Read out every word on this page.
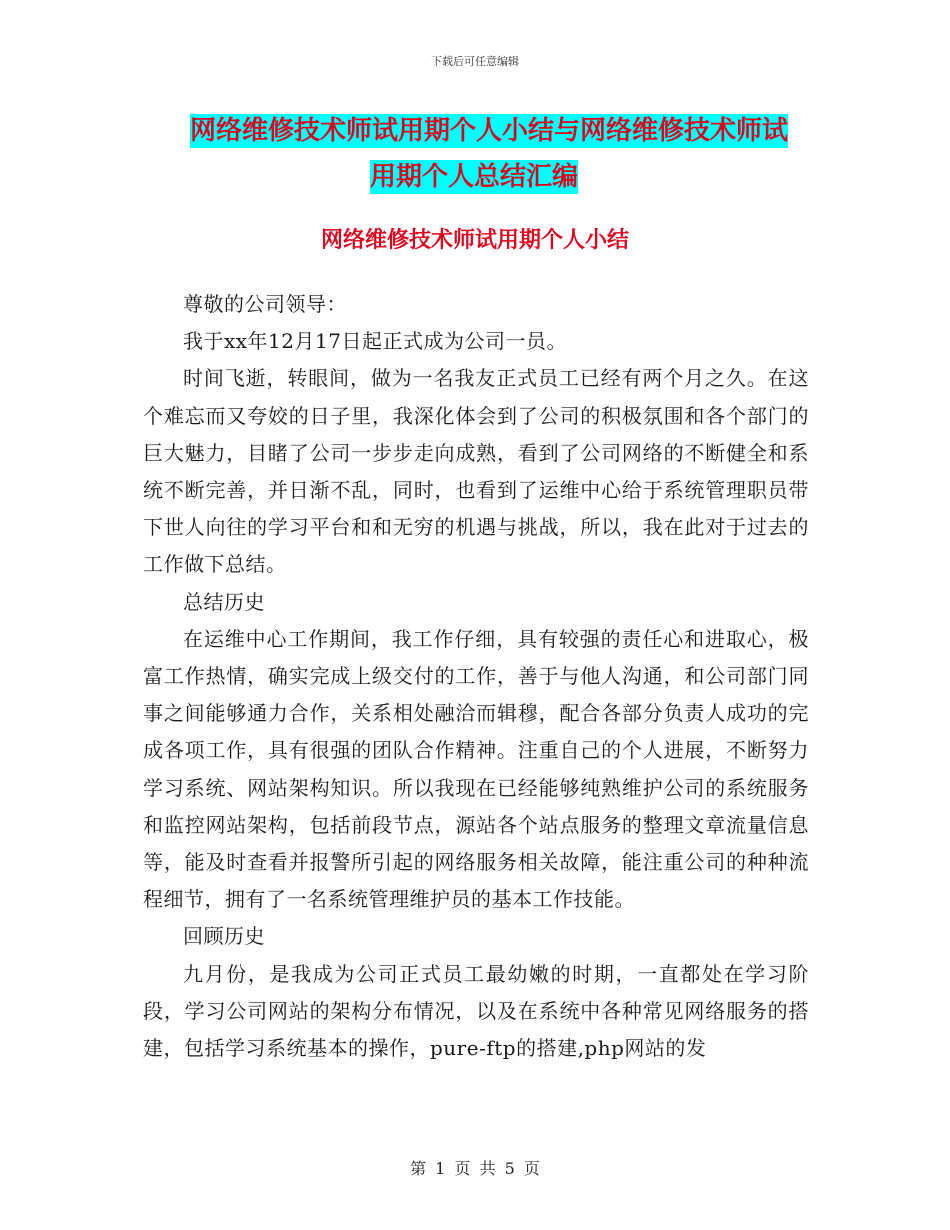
下载后可任意编辑
网络维修技术师试用期个人小结与网络维修技术师试
用期个人总结汇编
网络维修技术师试用期个人小结

尊敬的公司领导：

我于xx年12月17日起正式成为公司一员。

时间飞逝，转眼间，做为一名我友正式员工已经有两个月之久。在这个难忘而又夸姣的日子里，我深化体会到了公司的积极氛围和各个部门的巨大魅力，目睹了公司一步步走向成熟，看到了公司网络的不断健全和系统不断完善，并日渐不乱，同时，也看到了运维中心给于系统管理职员带下世人向往的学习平台和和无穷的机遇与挑战，所以，我在此对于过去的工作做下总结。

总结历史

在运维中心工作期间，我工作仔细，具有较强的责任心和进取心，极富工作热情，确实完成上级交付的工作，善于与他人沟通，和公司部门同事之间能够通力合作，关系相处融洽而辑穆，配合各部分负责人成功的完成各项工作，具有很强的团队合作精神。注重自己的个人进展，不断努力学习系统、网站架构知识。所以我现在已经能够纯熟维护公司的系统服务和监控网站架构，包括前段节点，源站各个站点服务的整理文章流量信息等，能及时查看并报警所引起的网络服务相关故障，能注重公司的种种流程细节，拥有了一名系统管理维护员的基本工作技能。

回顾历史

九月份，是我成为公司正式员工最幼嫩的时期，一直都处在学习阶段，学习公司网站的架构分布情况，以及在系统中各种常见网络服务的搭建，包括学习系统基本的操作，pure-ftp的搭建,php网站的发

第 1 页 共 5 页
